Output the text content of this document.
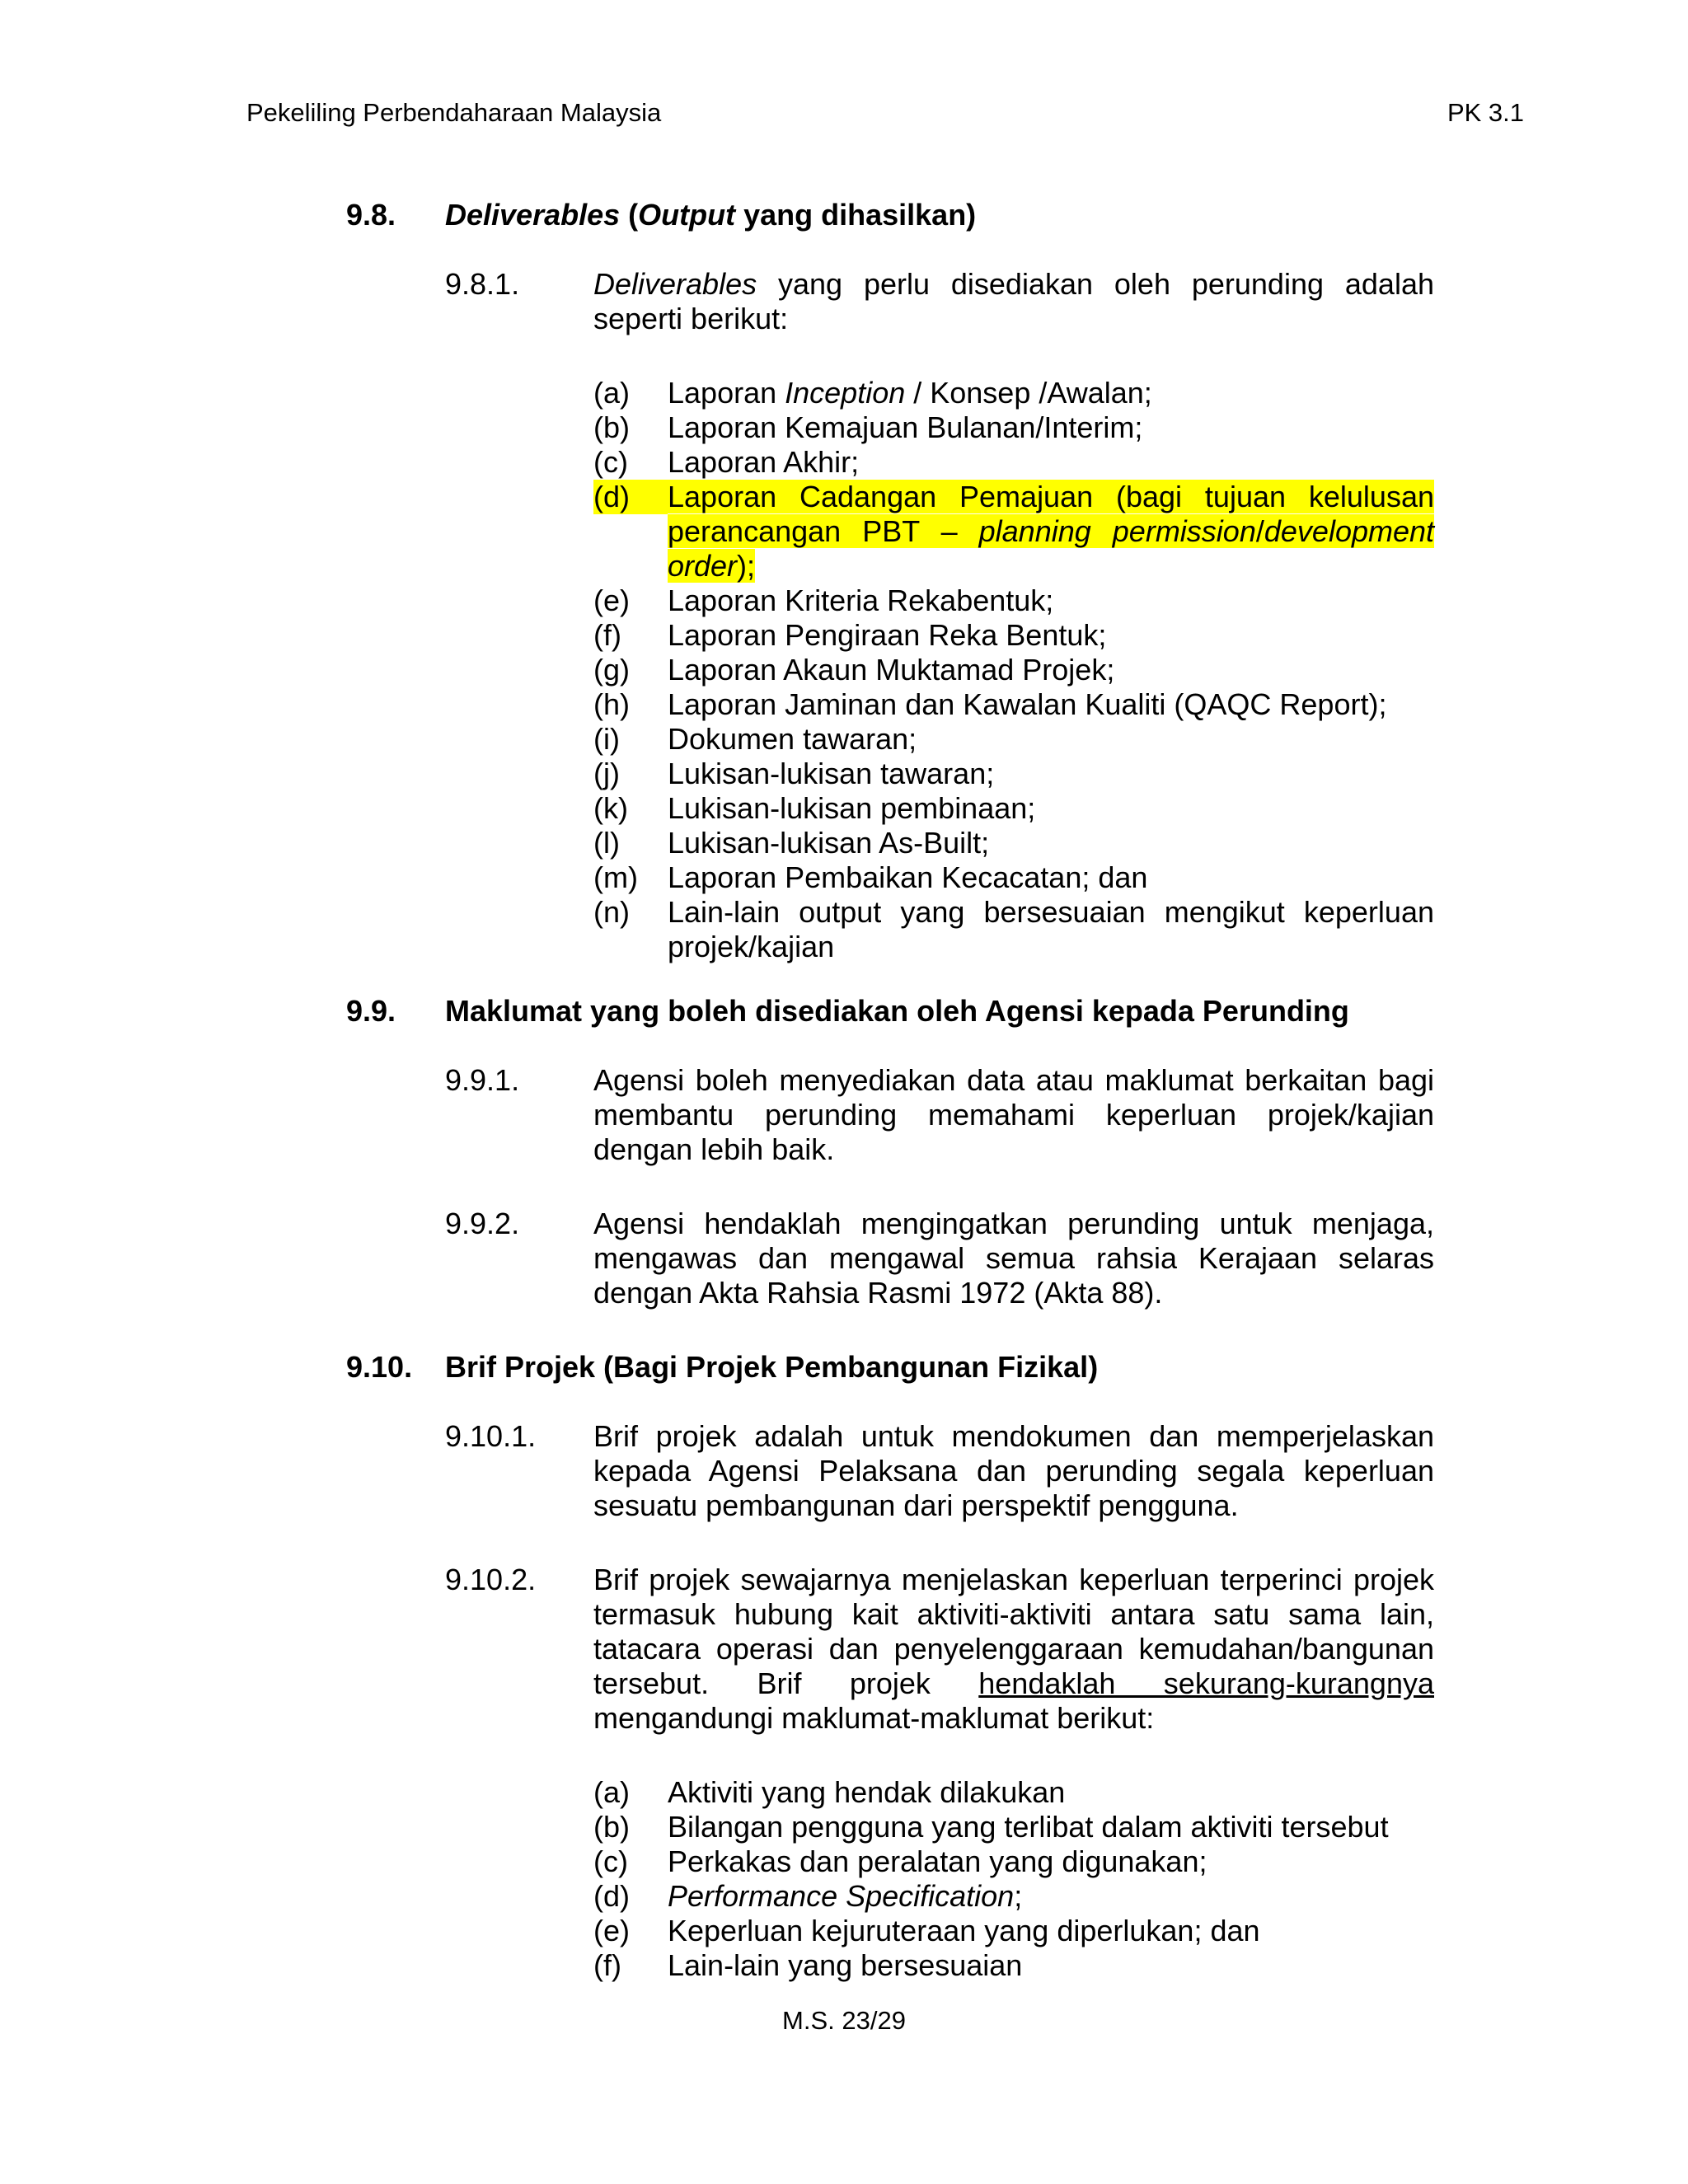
Pekeliling Perbendaharaan Malaysia	PK 3.1
9.8. Deliverables (Output yang dihasilkan)
9.8.1. Deliverables yang perlu disediakan oleh perunding adalah seperti berikut:
(a)	Laporan Inception / Konsep /Awalan;
(b)	Laporan Kemajuan Bulanan/Interim;
(c)	Laporan Akhir;
(d)	Laporan Cadangan Pemajuan (bagi tujuan kelulusan perancangan PBT – planning permission/development order);
(e)	Laporan Kriteria Rekabentuk;
(f)	Laporan Pengiraan Reka Bentuk;
(g)	Laporan Akaun Muktamad Projek;
(h)	Laporan Jaminan dan Kawalan Kualiti (QAQC Report);
(i)	Dokumen tawaran;
(j)	Lukisan-lukisan tawaran;
(k)	Lukisan-lukisan pembinaan;
(l)	Lukisan-lukisan As-Built;
(m)	Laporan Pembaikan Kecacatan; dan
(n)	Lain-lain output yang bersesuaian mengikut keperluan projek/kajian
9.9. Maklumat yang boleh disediakan oleh Agensi kepada Perunding
9.9.1. Agensi boleh menyediakan data atau maklumat berkaitan bagi membantu perunding memahami keperluan projek/kajian dengan lebih baik.
9.9.2. Agensi hendaklah mengingatkan perunding untuk menjaga, mengawas dan mengawal semua rahsia Kerajaan selaras dengan Akta Rahsia Rasmi 1972 (Akta 88).
9.10. Brif Projek (Bagi Projek Pembangunan Fizikal)
9.10.1. Brif projek adalah untuk mendokumen dan memperjelaskan kepada Agensi Pelaksana dan perunding segala keperluan sesuatu pembangunan dari perspektif pengguna.
9.10.2. Brif projek sewajarnya menjelaskan keperluan terperinci projek termasuk hubung kait aktiviti-aktiviti antara satu sama lain, tatacara operasi dan penyelenggaraan kemudahan/bangunan tersebut. Brif projek hendaklah sekurang-kurangnya mengandungi maklumat-maklumat berikut:
(a)	Aktiviti yang hendak dilakukan
(b)	Bilangan pengguna yang terlibat dalam aktiviti tersebut
(c)	Perkakas dan peralatan yang digunakan;
(d)	Performance Specification;
(e)	Keperluan kejuruteraan yang diperlukan; dan
(f)	Lain-lain yang bersesuaian
M.S. 23/29
